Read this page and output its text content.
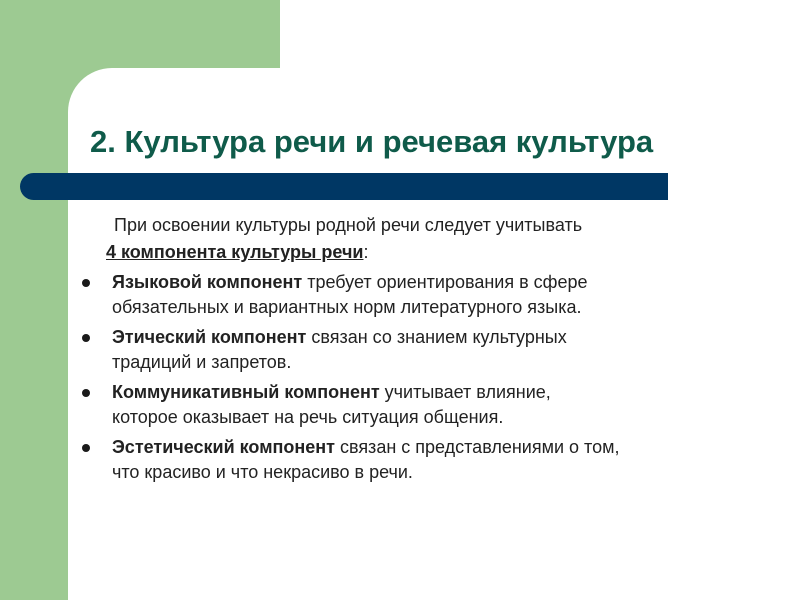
2. Культура речи и речевая культура
При освоении культуры родной речи следует учитывать
4 компонента культуры речи:
Языковой компонент требует ориентирования в сфере
обязательных и вариантных норм литературного языка.
Этический компонент связан со знанием культурных
традиций и запретов.
Коммуникативный компонент учитывает влияние,
которое оказывает на речь ситуация общения.
Эстетический компонент связан с представлениями о том,
что красиво и что некрасиво в речи.
